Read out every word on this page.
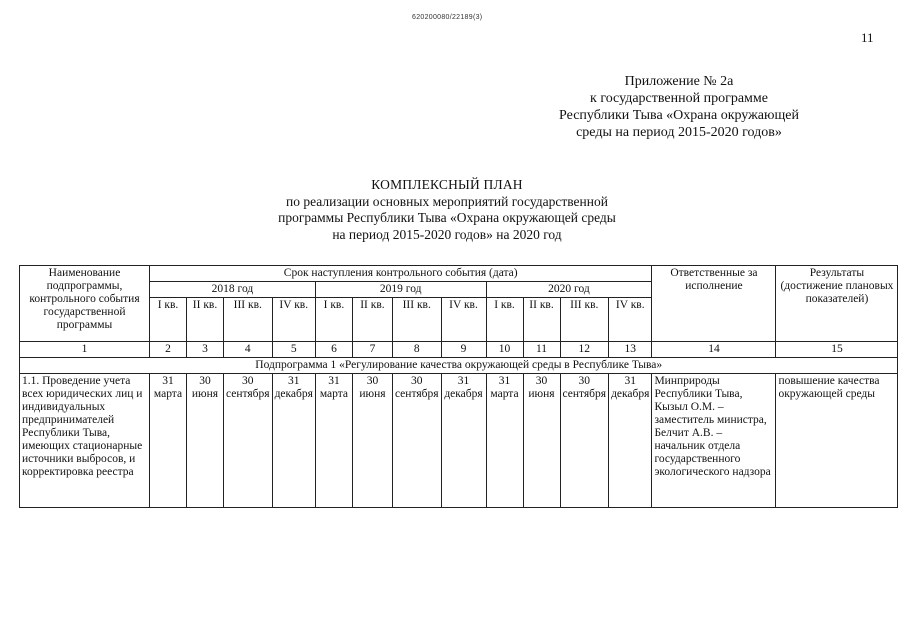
620200080/22189(3)
11
Приложение № 2а
к государственной программе
Республики Тыва «Охрана окружающей
среды на период 2015-2020 годов»
КОМПЛЕКСНЫЙ ПЛАН
по реализации основных мероприятий государственной
программы Республики Тыва «Охрана окружающей среды
на период 2015-2020 годов» на 2020 год
Наименование подпрограммы, контрольного события государственной программы	Срок наступления контрольного события (дата)												Ответственные за исполнение	Результаты (достижение плановых показателей)
	2018 год				2019 год				2020 год					
	I кв.	II кв.	III кв.	IV кв.	I кв.	II кв.	III кв.	IV кв.	I кв.	II кв.	III кв.	IV кв.		
1	2	3	4	5	6	7	8	9	10	11	12	13	14	15
Подпрограмма 1 «Регулирование качества окружающей среды в Республике Тыва»														
1.1. Проведение учета всех юридических лиц и индивидуальных предпринимателей Республики Тыва, имеющих стационарные источники выбросов, и корректировка реестра	31 марта	30 июня	30 сентября	31 декабря	31 марта	30 июня	30 сентября	31 декабря	31 марта	30 июня	30 сентября	31 декабря	Минприроды Республики Тыва, Кызыл О.М. – заместитель министра, Белчит А.В. – начальник отдела государственного экологического надзора	повышение качества окружающей среды
